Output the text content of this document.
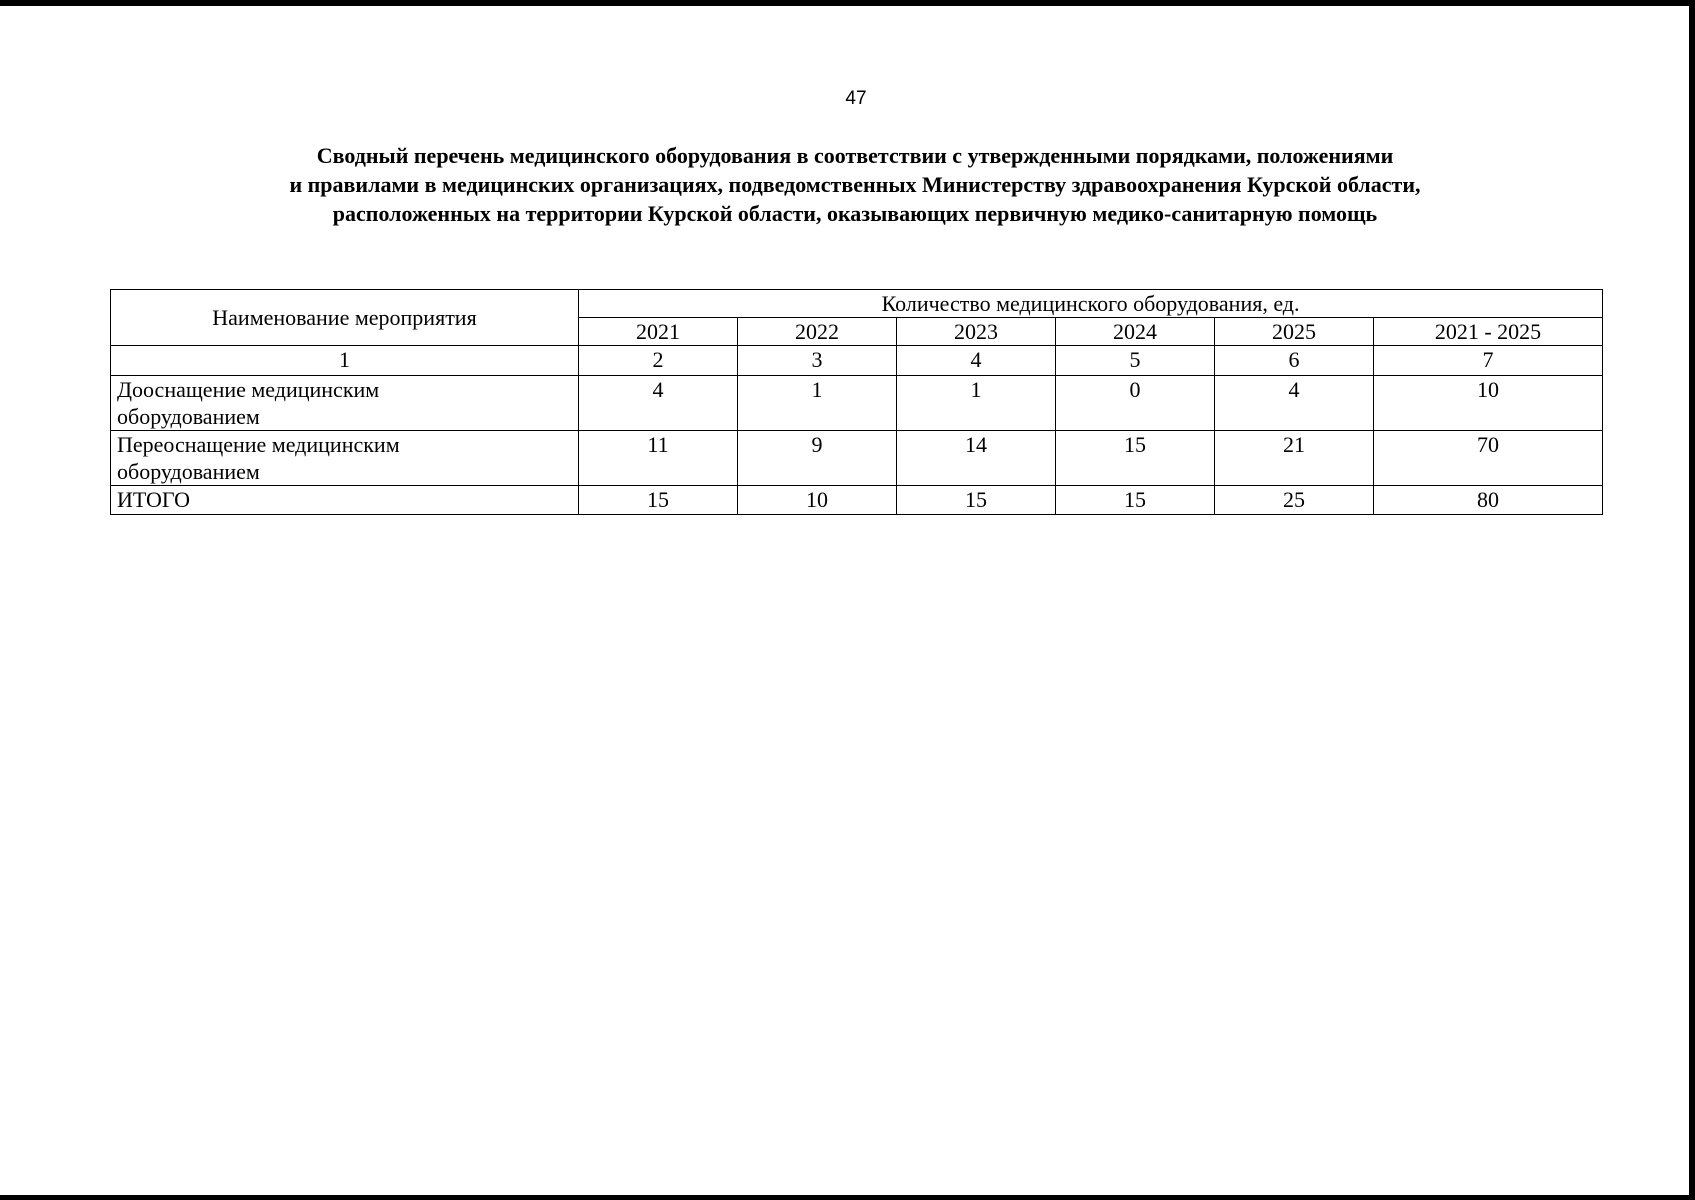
47
Сводный перечень медицинского оборудования в соответствии с утвержденными порядками, положениями
и правилами в медицинских организациях, подведомственных Министерству здравоохранения Курской области,
расположенных на территории Курской области, оказывающих первичную медико-санитарную помощь
Наименование мероприятия	Количество медицинского оборудования, ед.					
	2021	2022	2023	2024	2025	2021 - 2025
1	2	3	4	5	6	7
Дооснащение медицинским
оборудованием	4	1	1	0	4	10
Переоснащение медицинским
оборудованием	11	9	14	15	21	70
ИТОГО	15	10	15	15	25	80
